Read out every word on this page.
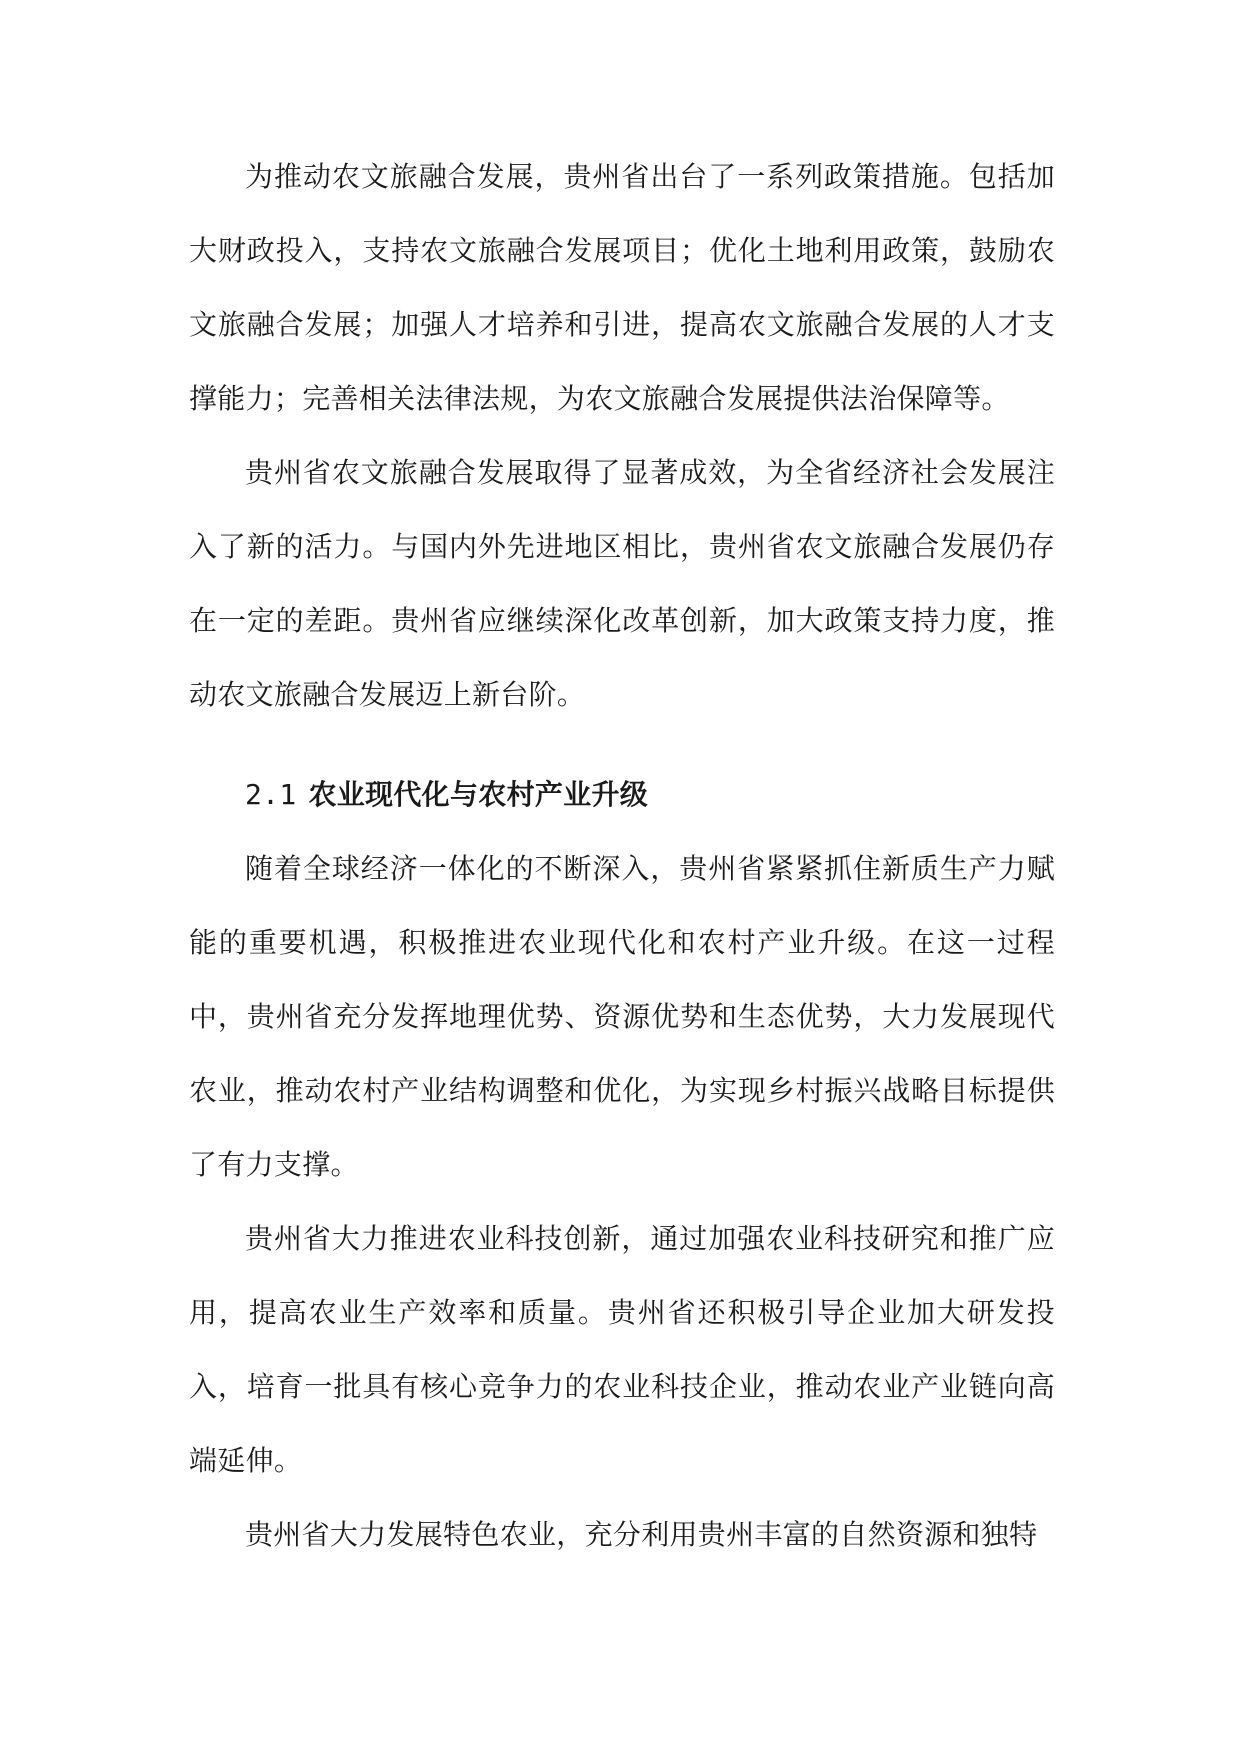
为推动农文旅融合发展，贵州省出台了一系列政策措施。包括加大财政投入，支持农文旅融合发展项目；优化土地利用政策，鼓励农文旅融合发展；加强人才培养和引进，提高农文旅融合发展的人才支撑能力；完善相关法律法规，为农文旅融合发展提供法治保障等。

贵州省农文旅融合发展取得了显著成效，为全省经济社会发展注入了新的活力。与国内外先进地区相比，贵州省农文旅融合发展仍存在一定的差距。贵州省应继续深化改革创新，加大政策支持力度，推动农文旅融合发展迈上新台阶。

2.1 农业现代化与农村产业升级

随着全球经济一体化的不断深入，贵州省紧紧抓住新质生产力赋能的重要机遇，积极推进农业现代化和农村产业升级。在这一过程中，贵州省充分发挥地理优势、资源优势和生态优势，大力发展现代农业，推动农村产业结构调整和优化，为实现乡村振兴战略目标提供了有力支撑。

贵州省大力推进农业科技创新，通过加强农业科技研究和推广应用，提高农业生产效率和质量。贵州省还积极引导企业加大研发投入，培育一批具有核心竞争力的农业科技企业，推动农业产业链向高端延伸。

贵州省大力发展特色农业，充分利用贵州丰富的自然资源和独特
